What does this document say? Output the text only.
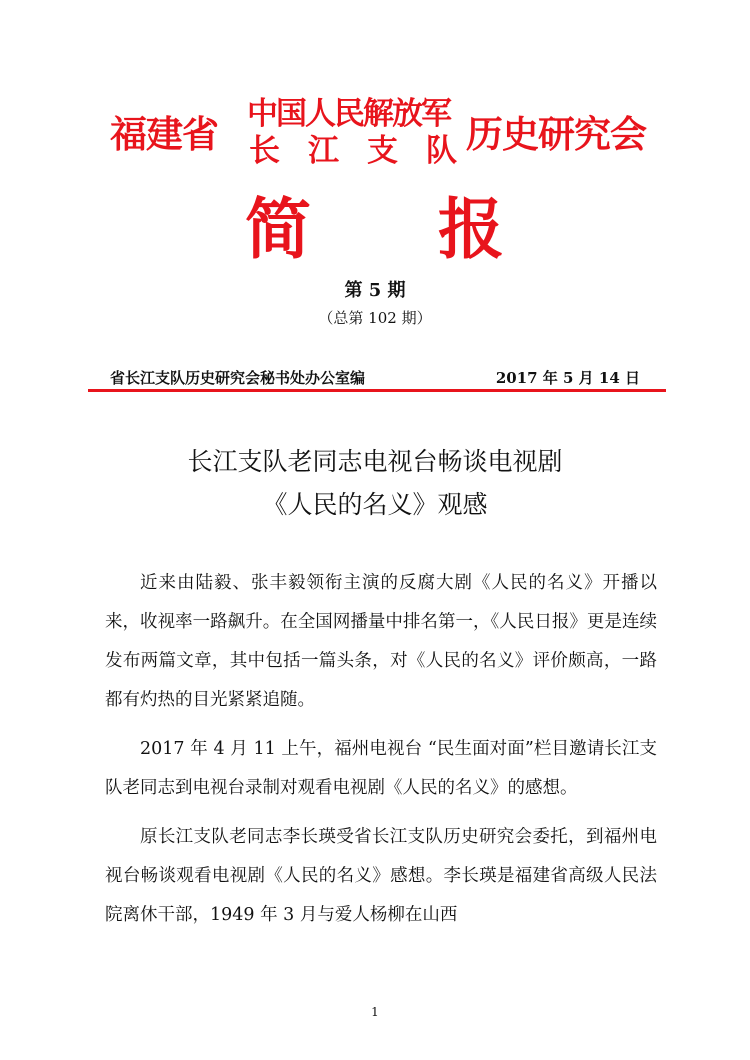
福建省 中国人民解放军
长江支队
历史研究会
简 报
第 5 期
（总第 102 期）
省长江支队历史研究会秘书处办公室编	2017 年 5 月 14 日
长江支队老同志电视台畅谈电视剧
《人民的名义》观感

近来由陆毅、张丰毅领衔主演的反腐大剧《人民的名义》开播以来，收视率一路飙升。在全国网播量中排名第一，《人民日报》更是连续发布两篇文章，其中包括一篇头条，对《人民的名义》评价颇高，一路都有灼热的目光紧紧追随。

2017 年 4 月 11 上午，福州电视台 “民生面对面”栏目邀请长江支队老同志到电视台录制对观看电视剧《人民的名义》的感想。

原长江支队老同志李长瑛受省长江支队历史研究会委托，到福州电视台畅谈观看电视剧《人民的名义》感想。李长瑛是福建省高级人民法院离休干部，1949 年 3 月与爱人杨柳在山西

1
